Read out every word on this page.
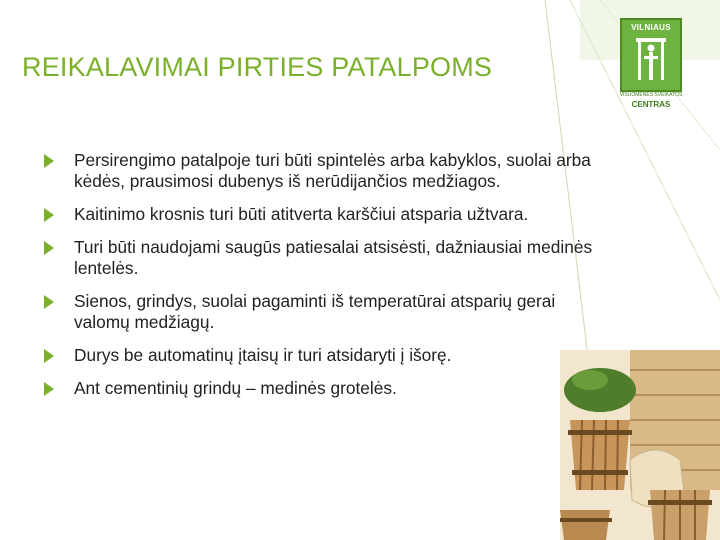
REIKALAVIMAI PIRTIES PATALPOMS
VILNIAUS
VISUOMENĖS SVEIKATOS
CENTRAS
Persirengimo patalpoje turi būti spintelės arba kabyklos, suolai arba kėdės, prausimosi dubenys iš nerūdijančios medžiagos.
Kaitinimo krosnis turi būti atitverta karščiui atsparia užtvara.
Turi būti naudojami saugūs patiesalai atsisėsti, dažniausiai medinės lentelės.
Sienos, grindys, suolai pagaminti iš temperatūrai atsparių gerai valomų medžiagų.
Durys be automatinų įtaisų ir turi atsidaryti į išorę.
Ant cementinių grindų – medinės grotelės.
